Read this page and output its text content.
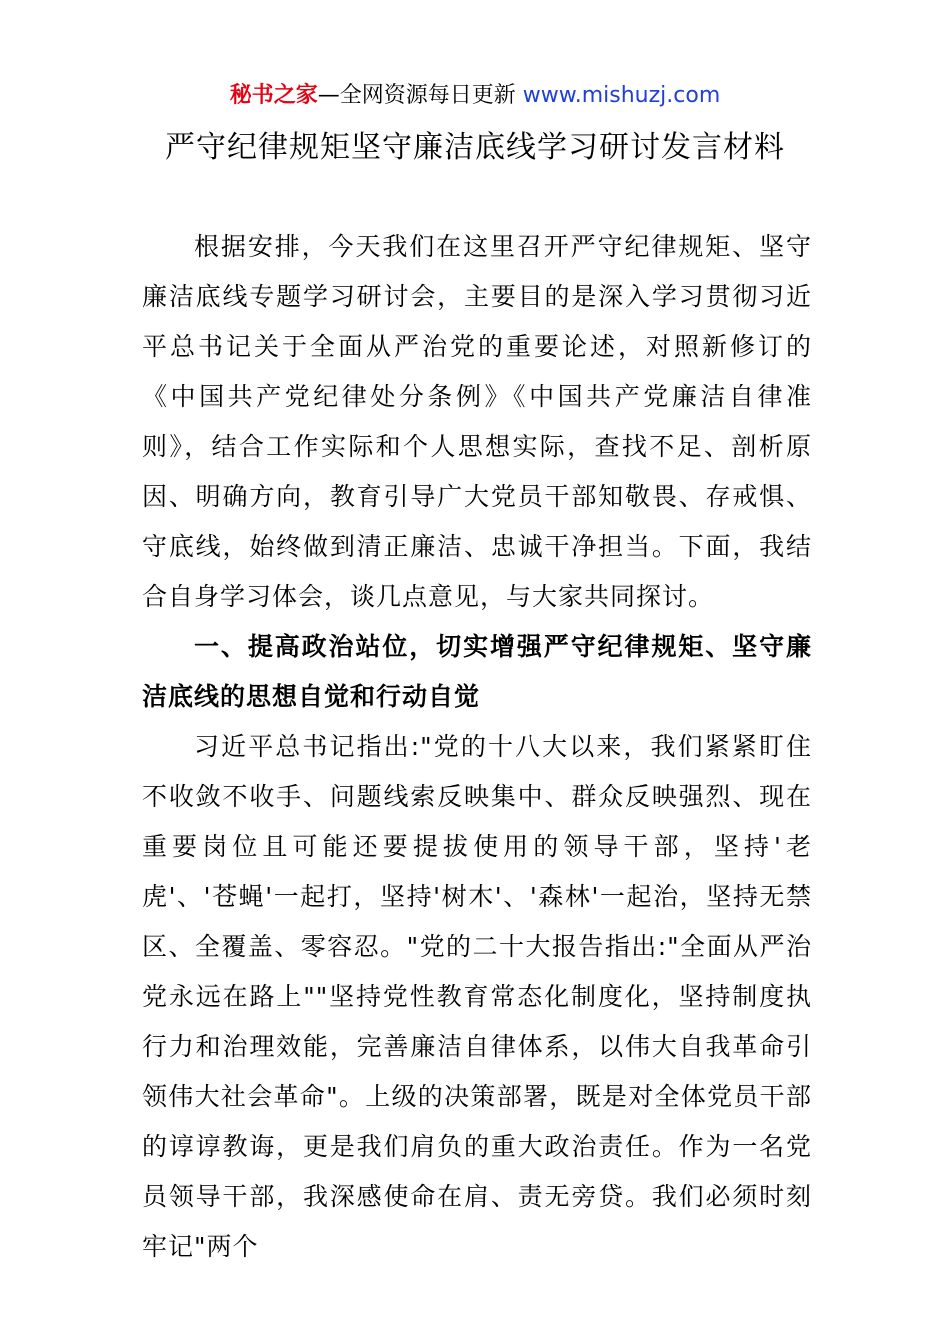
秘书之家—全网资源每日更新 www.mishuzj.com
严守纪律规矩坚守廉洁底线学习研讨发言材料

根据安排，今天我们在这里召开严守纪律规矩、坚守廉洁底线专题学习研讨会，主要目的是深入学习贯彻习近平总书记关于全面从严治党的重要论述，对照新修订的《中国共产党纪律处分条例》《中国共产党廉洁自律准则》，结合工作实际和个人思想实际，查找不足、剖析原因、明确方向，教育引导广大党员干部知敬畏、存戒惧、守底线，始终做到清正廉洁、忠诚干净担当。下面，我结合自身学习体会，谈几点意见，与大家共同探讨。

一、提高政治站位，切实增强严守纪律规矩、坚守廉洁底线的思想自觉和行动自觉

习近平总书记指出:"党的十八大以来，我们紧紧盯住不收敛不收手、问题线索反映集中、群众反映强烈、现在重要岗位且可能还要提拔使用的领导干部，坚持'老虎'、'苍蝇'一起打，坚持'树木'、'森林'一起治，坚持无禁区、全覆盖、零容忍。"党的二十大报告指出:"全面从严治党永远在路上""坚持党性教育常态化制度化，坚持制度执行力和治理效能，完善廉洁自律体系，以伟大自我革命引领伟大社会革命"。上级的决策部署，既是对全体党员干部的谆谆教诲，更是我们肩负的重大政治责任。作为一名党员领导干部，我深感使命在肩、责无旁贷。我们必须时刻牢记"两个
